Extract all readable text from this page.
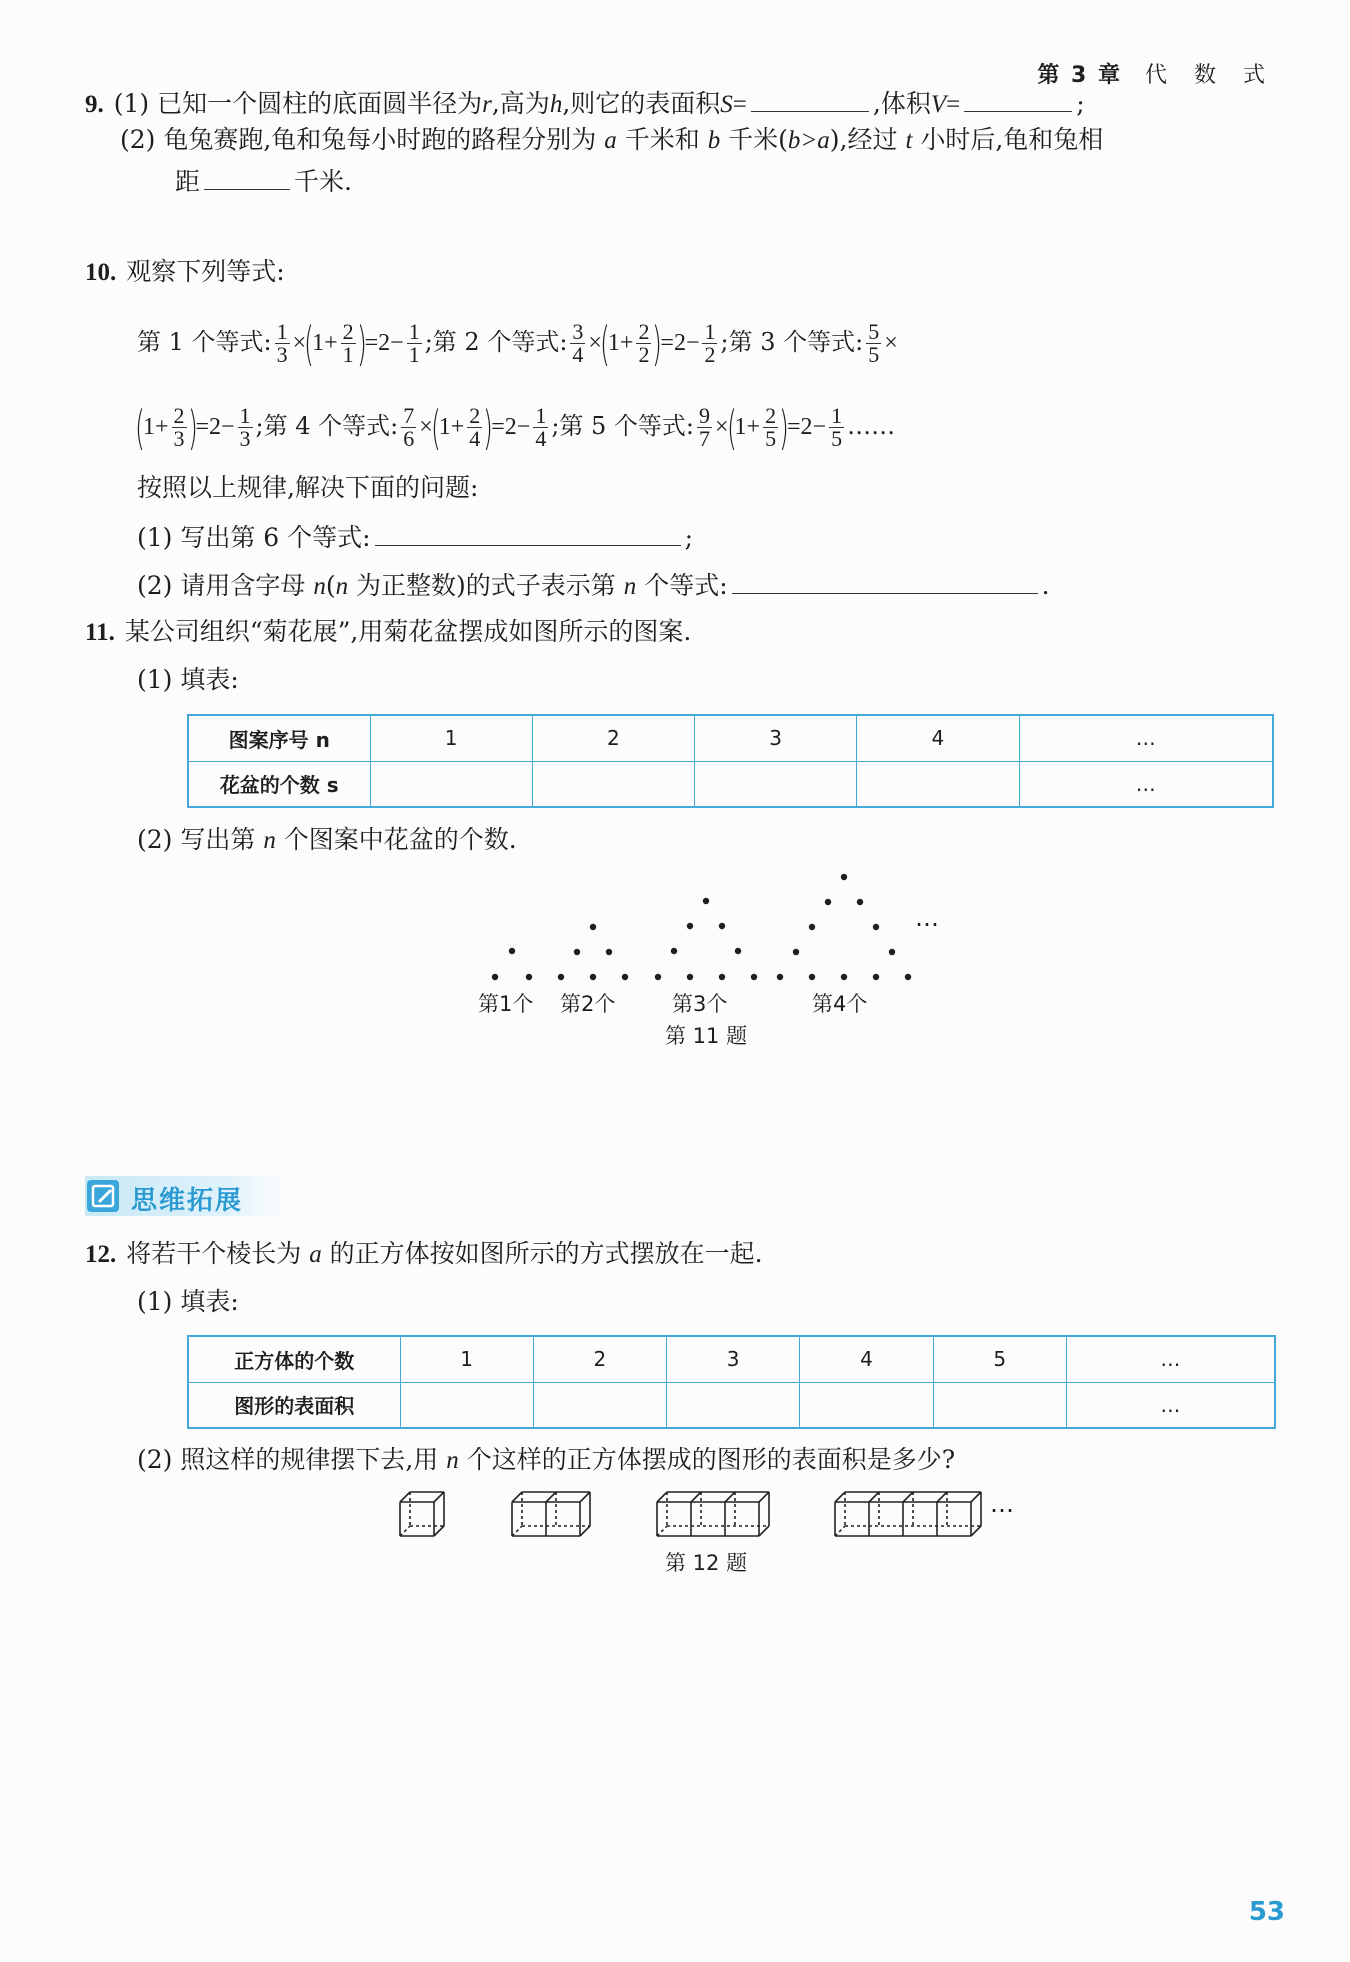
第 3 章 代 数 式
9. (1) 已知一个圆柱的底面圆半径为r,高为h,则它的表面积S=	,体积V=	;
(2) 龟兔赛跑,龟和兔每小时跑的路程分别为 a 千米和 b 千米(b>a),经过 t 小时后,龟和兔相
距	千米.
10. 观察下列等式:
第 1 个等式: $\frac{1}{3} \times(1+ \frac{2}{1} )=2- \frac{1}{1}$ ;第 2 个等式: $\frac{3}{4} \times(1+ \frac{2}{2} )=2- \frac{1}{2}$ ;第 3 个等式: $\frac{5}{5}$ ×
$(1+ \frac{2}{3} )=2- \frac{1}{3}$ ;第 4 个等式: $\frac{7}{6} \times(1+ \frac{2}{4} )=2- \frac{1}{4}$ ;第 5 个等式: $\frac{9}{7} \times(1+ \frac{2}{5} )=2- \frac{1}{5}$ ……
按照以上规律,解决下面的问题:
(1) 写出第 6 个等式:	;
(2) 请用含字母 n(n 为正整数)的式子表示第 n 个等式:	.
11. 某公司组织“菊花展”,用菊花盆摆成如图所示的图案.
(1) 填表:
图案序号 n	1	2	3	4	…
花盆的个数 s					…
(2) 写出第 n 个图案中花盆的个数.
…
第1个 第2个	第3个	第4个
第 11 题
思维拓展
12. 将若干个棱长为 a 的正方体按如图所示的方式摆放在一起.
(1) 填表:
正方体的个数	1	2	3	4	5	…
图形的表面积						…
(2) 照这样的规律摆下去,用 n 个这样的正方体摆成的图形的表面积是多少?
…
第 12 题
53
